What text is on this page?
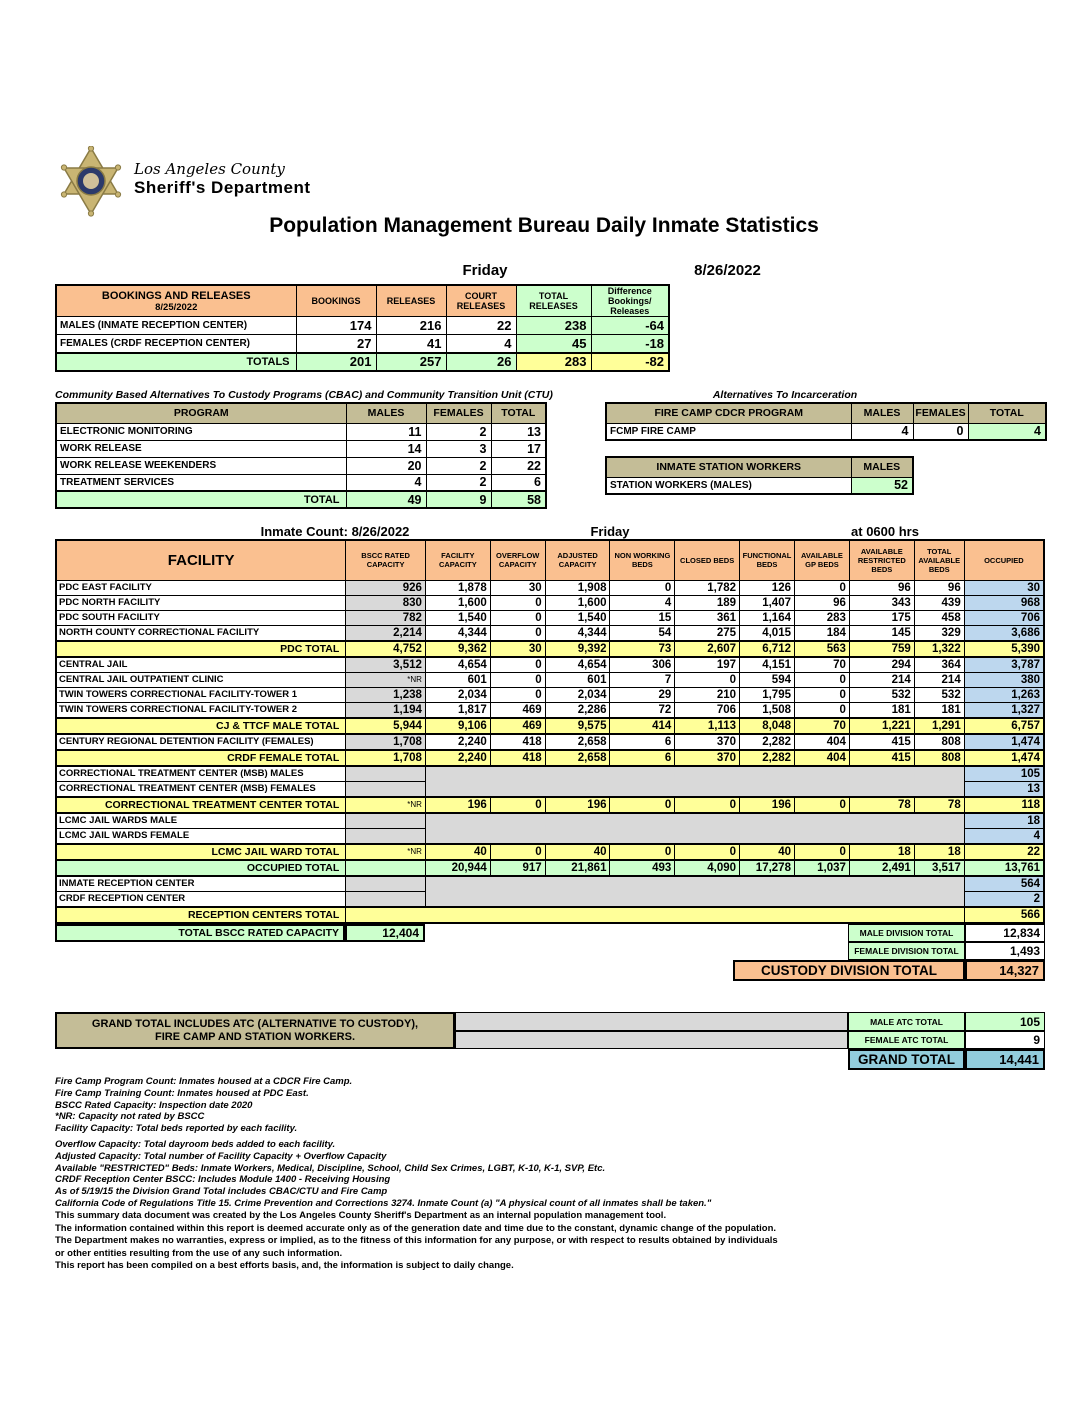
Los Angeles County
Sheriff's Department
Population Management Bureau Daily Inmate Statistics
Friday	8/26/2022
BOOKINGS AND RELEASES
8/25/2022	BOOKINGS	RELEASES	COURT RELEASES	TOTAL RELEASES	Difference Bookings/ Releases
MALES (INMATE RECEPTION CENTER)	174	216	22	238	-64
FEMALES (CRDF RECEPTION CENTER)	27	41	4	45	-18
TOTALS	201	257	26	283	-82
Community Based Alternatives To Custody Programs (CBAC) and Community Transition Unit (CTU)
PROGRAM	MALES	FEMALES	TOTAL
ELECTRONIC MONITORING	11	2	13
WORK RELEASE	14	3	17
WORK RELEASE WEEKENDERS	20	2	22
TREATMENT SERVICES	4	2	6
TOTAL	49	9	58
Alternatives To Incarceration
FIRE CAMP CDCR PROGRAM	MALES	FEMALES	TOTAL
FCMP FIRE CAMP	4	0	4
INMATE STATION WORKERS	MALES
STATION WORKERS (MALES)	52
Inmate Count: 8/26/2022	Friday	at 0600 hrs
FACILITY	BSCC RATED CAPACITY	FACILITY CAPACITY	OVERFLOW CAPACITY	ADJUSTED CAPACITY	NON WORKING BEDS	CLOSED BEDS	FUNCTIONAL BEDS	AVAILABLE GP BEDS	AVAILABLE RESTRICTED BEDS	TOTAL AVAILABLE BEDS	OCCUPIED
PDC EAST FACILITY	926	1,878	30	1,908	0	1,782	126	0	96	96	30
PDC NORTH FACILITY	830	1,600	0	1,600	4	189	1,407	96	343	439	968
PDC SOUTH FACILITY	782	1,540	0	1,540	15	361	1,164	283	175	458	706
NORTH COUNTY CORRECTIONAL FACILITY	2,214	4,344	0	4,344	54	275	4,015	184	145	329	3,686
PDC TOTAL	4,752	9,362	30	9,392	73	2,607	6,712	563	759	1,322	5,390
CENTRAL JAIL	3,512	4,654	0	4,654	306	197	4,151	70	294	364	3,787
CENTRAL JAIL OUTPATIENT CLINIC	*NR	601	0	601	7	0	594	0	214	214	380
TWIN TOWERS CORRECTIONAL FACILITY-TOWER 1	1,238	2,034	0	2,034	29	210	1,795	0	532	532	1,263
TWIN TOWERS CORRECTIONAL FACILITY-TOWER 2	1,194	1,817	469	2,286	72	706	1,508	0	181	181	1,327
CJ & TTCF MALE TOTAL	5,944	9,106	469	9,575	414	1,113	8,048	70	1,221	1,291	6,757
CENTURY REGIONAL DETENTION FACILITY (FEMALES)	1,708	2,240	418	2,658	6	370	2,282	404	415	808	1,474
CRDF FEMALE TOTAL	1,708	2,240	418	2,658	6	370	2,282	404	415	808	1,474
CORRECTIONAL TREATMENT CENTER (MSB) MALES											105
CORRECTIONAL TREATMENT CENTER (MSB) FEMALES											13
CORRECTIONAL TREATMENT CENTER TOTAL	*NR	196	0	196	0	0	196	0	78	78	118
LCMC JAIL WARDS MALE											18
LCMC JAIL WARDS FEMALE											4
LCMC JAIL WARD TOTAL	*NR	40	0	40	0	0	40	0	18	18	22
OCCUPIED TOTAL		20,944	917	21,861	493	4,090	17,278	1,037	2,491	3,517	13,761
INMATE RECEPTION CENTER											564
CRDF RECEPTION CENTER											2
RECEPTION CENTERS TOTAL											566
TOTAL BSCC RATED CAPACITY	12,404	MALE DIVISION TOTAL	12,834
FEMALE DIVISION TOTAL	1,493
CUSTODY DIVISION TOTAL	14,327
GRAND TOTAL INCLUDES ATC (ALTERNATIVE TO CUSTODY), FIRE CAMP AND STATION WORKERS.
MALE ATC TOTAL	105
FEMALE ATC TOTAL	9
GRAND TOTAL	14,441
Fire Camp Program Count: Inmates housed at a CDCR Fire Camp.
Fire Camp Training Count: Inmates housed at PDC East.
BSCC Rated Capacity: Inspection date 2020
*NR: Capacity not rated by BSCC
Facility Capacity: Total beds reported by each facility.
Overflow Capacity: Total dayroom beds added to each facility.
Adjusted Capacity: Total number of Facility Capacity + Overflow Capacity
Available "RESTRICTED" Beds: Inmate Workers, Medical, Discipline, School, Child Sex Crimes, LGBT, K-10, K-1, SVP, Etc.
CRDF Reception Center BSCC: Includes Module 1400 - Receiving Housing
As of 5/19/15 the Division Grand Total includes CBAC/CTU and Fire Camp
California Code of Regulations Title 15. Crime Prevention and Corrections 3274. Inmate Count (a) "A physical count of all inmates shall be taken."
This summary data document was created by the Los Angeles County Sheriff's Department as an internal population management tool.
The information contained within this report is deemed accurate only as of the generation date and time due to the constant, dynamic change of the population.
The Department makes no warranties, express or implied, as to the fitness of this information for any purpose, or with respect to results obtained by individuals
or other entities resulting from the use of any such information.
This report has been compiled on a best efforts basis, and, the information is subject to daily change.
